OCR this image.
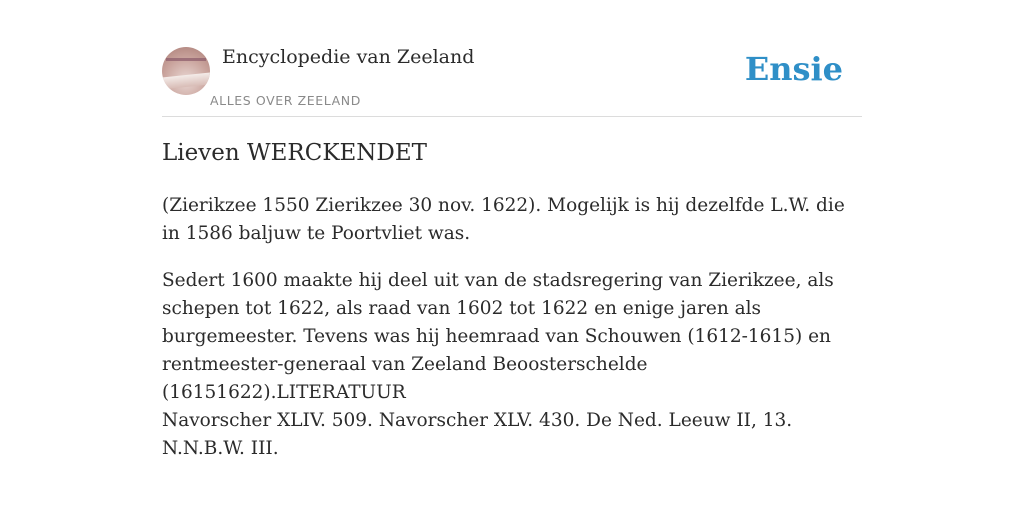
Encyclopedie van Zeeland
ALLES OVER ZEELAND
Ensie
Lieven WERCKENDET

(Zierikzee 1550 Zierikzee 30 nov. 1622). Mogelijk is hij dezelfde L.W. die in 1586 baljuw te Poortvliet was.

Sedert 1600 maakte hij deel uit van de stadsregering van Zierikzee, als schepen tot 1622, als raad van 1602 tot 1622 en enige jaren als burgemeester. Tevens was hij heemraad van Schouwen (1612-1615) en rentmeester-generaal van Zeeland Beoosterschelde (16151622).LITERATUUR

Navorscher XLIV. 509. Navorscher XLV. 430. De Ned. Leeuw II, 13. N.N.B.W. III.
